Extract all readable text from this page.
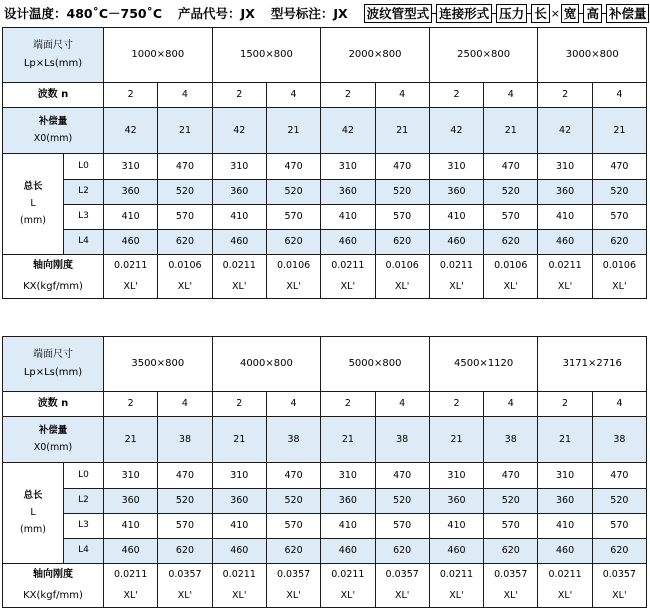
设计温度：480˚C－750˚C 产品代号：JX 型号标注：JX 波纹管型式 连接形式 压力 长 × 宽 高 补偿量
端面尺寸
Lp×Ls(mm)		1000×800		1500×800		2000×800		2500×800		3000×800	
波数 n		2	4	2	4	2	4	2	4	2	4
补偿量
X0(mm)		42	21	42	21	42	21	42	21	42	21
总长
L
(mm)	L0	310	470	310	470	310	470	310	470	310	470
	L2	360	520	360	520	360	520	360	520	360	520
	L3	410	570	410	570	410	570	410	570	410	570
	L4	460	620	460	620	460	620	460	620	460	620
轴向刚度		0.0211	0.0106	0.0211	0.0106	0.0211	0.0106	0.0211	0.0106	0.0211	0.0106
KX(kgf/mm)		XL'	XL'	XL'	XL'	XL'	XL'	XL'	XL'	XL'	XL'
端面尺寸
Lp×Ls(mm)		3500×800		4000×800		5000×800		4500×1120		3171×2716	
波数 n		2	4	2	4	2	4	2	4	2	4
补偿量
X0(mm)		21	38	21	38	21	38	21	38	21	38
总长
L
(mm)	L0	310	470	310	470	310	470	310	470	310	470
	L2	360	520	360	520	360	520	360	520	360	520
	L3	410	570	410	570	410	570	410	570	410	570
	L4	460	620	460	620	460	620	460	620	460	620
轴向刚度		0.0211	0.0357	0.0211	0.0357	0.0211	0.0357	0.0211	0.0357	0.0211	0.0357
KX(kgf/mm)		XL'	XL'	XL'	XL'	XL'	XL'	XL'	XL'	XL'	XL'
